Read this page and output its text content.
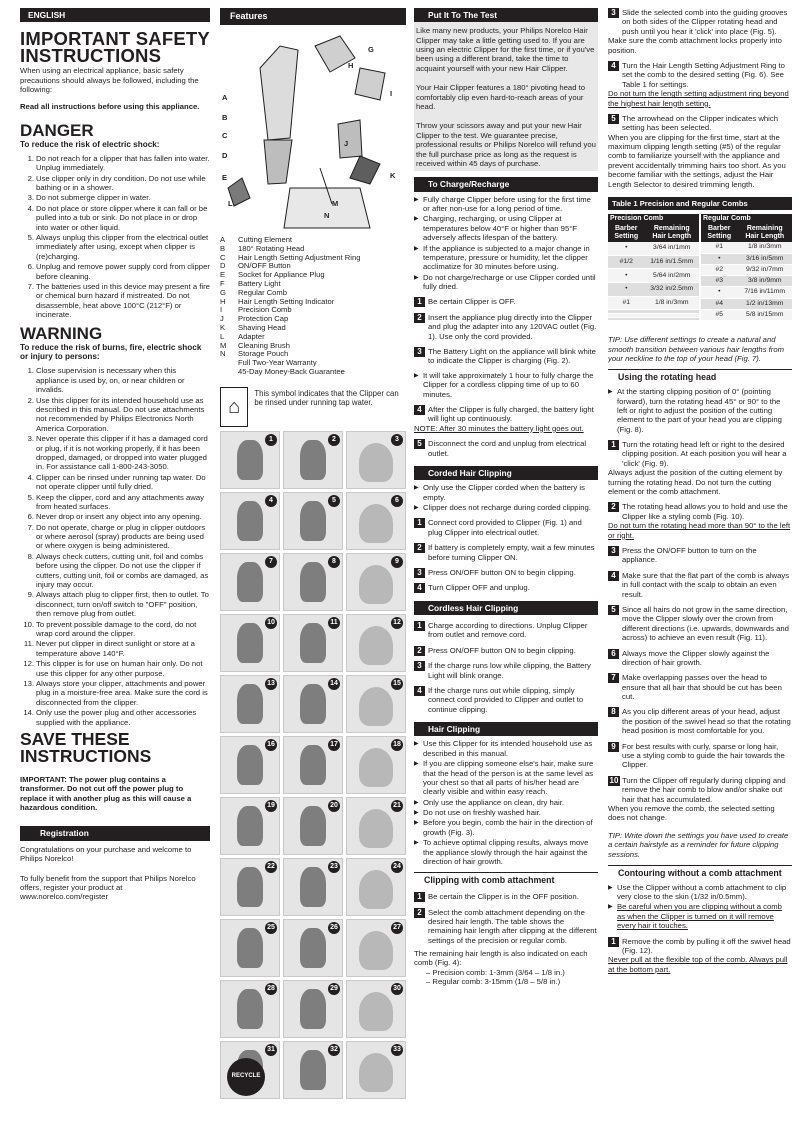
ENGLISH
IMPORTANT SAFETY INSTRUCTIONS

When using an electrical appliance, basic safety precautions should always be followed, including the following:

Read all instructions before using this appliance.

DANGER
To reduce the risk of electric shock:
1. Do not reach for a clipper that has fallen into water. Unplug immediately.
2. Use clipper only in dry condition. Do not use while bathing or in a shower.
3. Do not submerge clipper in water.
4. Do not place or store clipper where it can fall or be pulled into a tub or sink. Do not place in or drop into water or other liquid.
5. Always unplug this clipper from the electrical outlet immediately after using, except when clipper is (re)charging.
6. Unplug and remove power supply cord from clipper before cleaning.
7. The batteries used in this device may present a fire or chemical burn hazard if mistreated. Do not disassemble, heat above 100°C (212°F) or incinerate.
WARNING
To reduce the risk of burns, fire, electric shock or injury to persons:
1. Close supervision is necessary when this appliance is used by, on, or near children or invalids.
2. Use this clipper for its intended household use as described in this manual. Do not use attachments not recommended by Philips Electronics North America Corporation.
3. Never operate this clipper if it has a damaged cord or plug, if it is not working properly, if it has been dropped, damaged, or dropped into water plugged in. For assistance call 1-800-243-3050.
4. Clipper can be rinsed under running tap water. Do not operate clipper until fully dried.
5. Keep the clipper, cord and any attachments away from heated surfaces.
6. Never drop or insert any object into any opening.
7. Do not operate, charge or plug in clipper outdoors or where aerosol (spray) products are being used or where oxygen is being administered.
8. Always check cutters, cutting unit, foil and combs before using the clipper. Do not use the clipper if cutters, cutting unit, foil or combs are damaged, as injury may occur.
9. Always attach plug to clipper first, then to outlet. To disconnect, turn on/off switch to "OFF" position, then remove plug from outlet.
10. To prevent possible damage to the cord, do not wrap cord around the clipper.
11. Never put clipper in direct sunlight or store at a temperature above 140°F.
12. This clipper is for use on human hair only. Do not use this clipper for any other purpose.
13. Always store your clipper, attachments and power plug in a moisture-free area. Make sure the cord is disconnected from the clipper.
14. Only use the power plug and other accessories supplied with the appliance.
SAVE THESE INSTRUCTIONS

IMPORTANT: The power plug contains a transformer. Do not cut off the power plug to replace it with another plug as this will cause a hazardous condition.

Registration

Congratulations on your purchase and welcome to Philips Norelco!

To fully benefit from the support that Philips Norelco offers, register your product at www.norelco.com/register

Features
A
B
C
D
E
L
G
H
I
J
K
M
N
A Cutting Element
B 180° Rotating Head
C Hair Length Setting Adjustment Ring
D ON/OFF Button
E Socket for Appliance Plug
F Battery Light
G Regular Comb
H Hair Length Setting Indicator
I Precision Comb
J Protection Cap
K Shaving Head
L Adapter
M Cleaning Brush
N Storage Pouch
Full Two-Year Warranty
45-Day Money-Back Guarantee
⌂

This symbol indicates that the Clipper can be rinsed under running tap water.

1	2	3
4	5	6
7	8	9
10	11	12
13	14	15
16	17	18
19	20	21
22	23	24
25	26	27
28	29	30
31
RECYCLE
32	33
Put It To The Test

Like many new products, your Philips Norelco Hair Clipper may take a little getting used to. If you are using an electric Clipper for the first time, or if you've been using a different brand, take the time to acquaint yourself with your new Hair Clipper.

Your Hair Clipper features a 180° pivoting head to comfortably clip even hard-to-reach areas of your head.

Throw your scissors away and put your new Hair Clipper to the test. We guarantee precise, professional results or Philips Norelco will refund you the full purchase price as long as the request is received within 45 days of purchase.

To Charge/Recharge
▶ Fully charge Clipper before using for the first time or after non-use for a long period of time.
▶ Charging, recharging, or using Clipper at temperatures below 40°F or higher than 95°F adversely affects lifespan of the battery.
▶ If the appliance is subjected to a major change in temperature, pressure or humidity, let the clipper acclimatize for 30 minutes before using.
▶ Do not charge/recharge or use Clipper corded until fully dried.
1 Be certain Clipper is OFF.
2 Insert the appliance plug directly into the Clipper and plug the adapter into any 120VAC outlet (Fig. 1). Use only the cord provided.
3 The Battery Light on the appliance will blink white to indicate the Clipper is charging (Fig. 2).
▶ It will take approximately 1 hour to fully charge the Clipper for a cordless clipping time of up to 60 minutes.
4 After the Clipper is fully charged, the battery light will light up continuously.
NOTE: After 30 minutes the battery light goes out.
5 Disconnect the cord and unplug from electrical outlet.
Corded Hair Clipping
▶ Only use the Clipper corded when the battery is empty.
▶ Clipper does not recharge during corded clipping.
1 Connect cord provided to Clipper (Fig. 1) and plug Clipper into electrical outlet.
2 If battery is completely empty, wait a few minutes before turning Clipper ON.
3 Press ON/OFF button ON to begin clipping.
4 Turn Clipper OFF and unplug.
Cordless Hair Clipping
1 Charge according to directions. Unplug Clipper from outlet and remove cord.
2 Press ON/OFF button ON to begin clipping.
3 If the charge runs low while clipping, the Battery Light will blink orange.
4 If the charge runs out while clipping, simply connect cord provided to Clipper and outlet to continue clipping.
Hair Clipping
▶ Use this Clipper for its intended household use as described in this manual.
▶ If you are clipping someone else's hair, make sure that the head of the person is at the same level as your chest so that all parts of his/her head are clearly visible and within easy reach.
▶ Only use the appliance on clean, dry hair.
▶ Do not use on freshly washed hair.
▶ Before you begin, comb the hair in the direction of growth (Fig. 3).
▶ To achieve optimal clipping results, always move the appliance slowly through the hair against the direction of hair growth.
Clipping with comb attachment
1 Be certain the Clipper is in the OFF position.
2 Select the comb attachment depending on the desired hair length. The table shows the remaining hair length after clipping at the different settings of the precision or regular comb.

The remaining hair length is also indicated on each comb (Fig. 4):

– Precision comb: 1-3mm (3/64 – 1/8 in.)

– Regular comb: 3-15mm (1/8 – 5/8 in.)

3 Slide the selected comb into the guiding grooves on both sides of the Clipper rotating head and push until you hear it 'click' into place (Fig. 5).

Make sure the comb attachment locks properly into position.

4 Turn the Hair Length Setting Adjustment Ring to set the comb to the desired setting (Fig. 6). See Table 1 for settings.

Do not turn the length setting adjustment ring beyond the highest hair length setting.

5 The arrowhead on the Clipper indicates which setting has been selected.

When you are clipping for the first time, start at the maximum clipping length setting (#5) of the regular comb to familiarize yourself with the appliance and prevent accidentally trimming hairs too short. As you become familiar with the settings, adjust the Hair Length Selector to desired trimming length.

Table 1 Precision and Regular Combs
Precision Comb	
Barber Setting	Remaining Hair Length
•	3/64 in/1mm
#1/2	1/16 in/1.5mm
•	5/64 in/2mm
•	3/32 in/2.5mm
#1	1/8 in/3mm

Regular Comb	
Barber Setting	Remaining Hair Length
#1	1/8 in/3mm
•	3/16 in/5mm
#2	9/32 in/7mm
#3	3/8 in/9mm
•	7/16 in/11mm
#4	1/2 in/13mm
#5	5/8 in/15mm

TIP: Use different settings to create a natural and smooth transition between various hair lengths from your neckline to the top of your head (Fig. 7).

Using the rotating head
▶ At the starting clipping position of 0° (pointing forward), turn the rotating head 45° or 90° to the left or right to adjust the position of the cutting element to the part of your head you are clipping (Fig. 8).
1 Turn the rotating head left or right to the desired clipping position. At each position you will hear a 'click' (Fig. 9).

Always adjust the position of the cutting element by turning the rotating head. Do not turn the cutting element or the comb attachment.

2 The rotating head allows you to hold and use the Clipper like a styling comb (Fig. 10).

Do not turn the rotating head more than 90° to the left or right.

3 Press the ON/OFF button to turn on the appliance.
4 Make sure that the flat part of the comb is always in full contact with the scalp to obtain an even result.
5 Since all hairs do not grow in the same direction, move the Clipper slowly over the crown from different directions (i.e. upwards, downwards and across) to achieve an even result (Fig. 11).
6 Always move the Clipper slowly against the direction of hair growth.
7 Make overlapping passes over the head to ensure that all hair that should be cut has been cut.
8 As you clip different areas of your head, adjust the position of the swivel head so that the rotating head position is most comfortable for you.
9 For best results with curly, sparse or long hair, use a styling comb to guide the hair towards the Clipper.
10 Turn the Clipper off regularly during clipping and remove the hair comb to blow and/or shake out hair that has accumulated.

When you remove the comb, the selected setting does not change.

TIP: Write down the settings you have used to create a certain hairstyle as a reminder for future clipping sessions.

Contouring without a comb attachment
▶ Use the Clipper without a comb attachment to clip very close to the skin (1/32 in/0.5mm).
▶ Be careful when you are clipping without a comb as when the Clipper is turned on it will remove every hair it touches.
1 Remove the comb by pulling it off the swivel head (Fig. 12).

Never pull at the flexible top of the comb. Always pull at the bottom part.
